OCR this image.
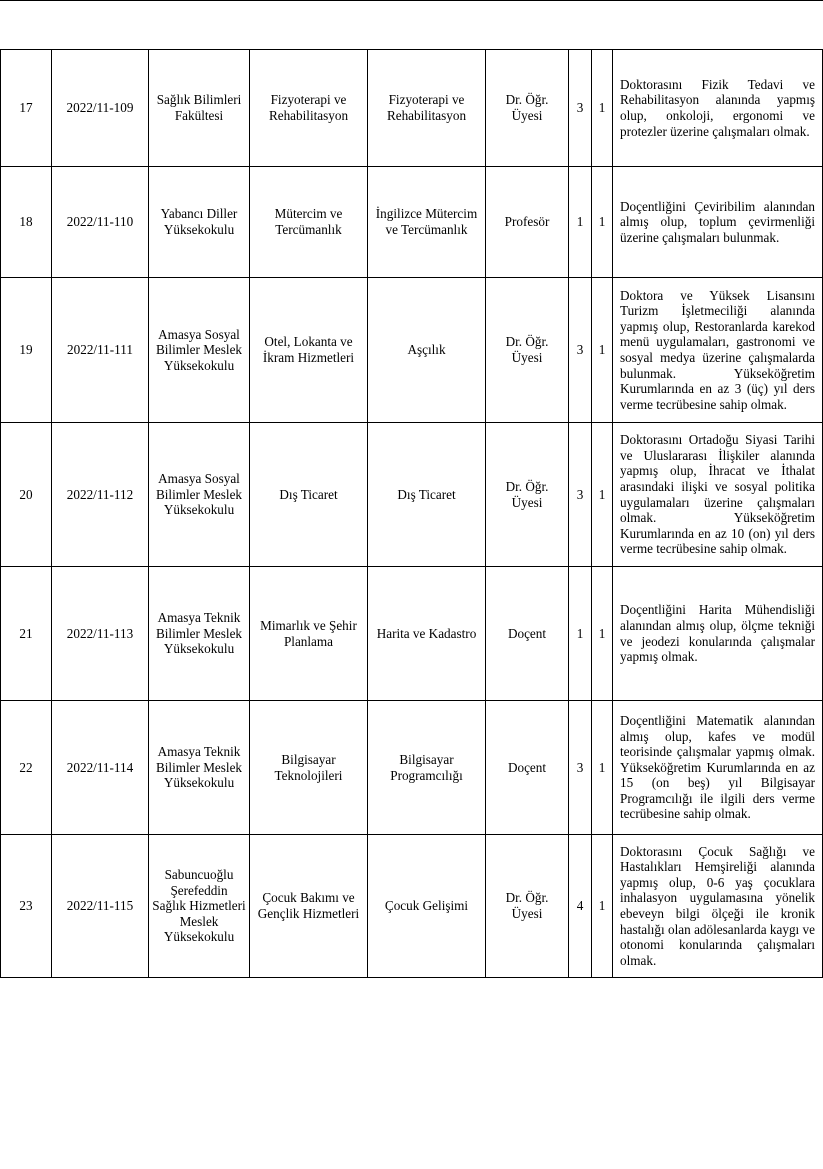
17	2022/11-109	Sağlık Bilimleri Fakültesi	Fizyoterapi ve Rehabilitasyon	Fizyoterapi ve Rehabilitasyon	Dr. Öğr. Üyesi	3	1	Doktorasını Fizik Tedavi ve Rehabilitasyon alanında yapmış olup, onkoloji, ergonomi ve protezler üzerine çalışmaları olmak.
18	2022/11-110	Yabancı Diller Yüksekokulu	Mütercim ve Tercümanlık	İngilizce Mütercim ve Tercümanlık	Profesör	1	1	Doçentliğini Çeviribilim alanından almış olup, toplum çevirmenliği üzerine çalışmaları bulunmak.
19	2022/11-111	Amasya Sosyal Bilimler Meslek Yüksekokulu	Otel, Lokanta ve İkram Hizmetleri	Aşçılık	Dr. Öğr. Üyesi	3	1	Doktora ve Yüksek Lisansını Turizm İşletmeciliği alanında yapmış olup, Restoranlarda karekod menü uygulamaları, gastronomi ve sosyal medya üzerine çalışmalarda bulunmak. Yükseköğretim Kurumlarında en az 3 (üç) yıl ders verme tecrübesine sahip olmak.
20	2022/11-112	Amasya Sosyal Bilimler Meslek Yüksekokulu	Dış Ticaret	Dış Ticaret	Dr. Öğr. Üyesi	3	1	Doktorasını Ortadoğu Siyasi Tarihi ve Uluslararası İlişkiler alanında yapmış olup, İhracat ve İthalat arasındaki ilişki ve sosyal politika uygulamaları üzerine çalışmaları olmak. Yükseköğretim Kurumlarında en az 10 (on) yıl ders verme tecrübesine sahip olmak.
21	2022/11-113	Amasya Teknik Bilimler Meslek Yüksekokulu	Mimarlık ve Şehir Planlama	Harita ve Kadastro	Doçent	1	1	Doçentliğini Harita Mühendisliği alanından almış olup, ölçme tekniği ve jeodezi konularında çalışmalar yapmış olmak.
22	2022/11-114	Amasya Teknik Bilimler Meslek Yüksekokulu	Bilgisayar Teknolojileri	Bilgisayar Programcılığı	Doçent	3	1	Doçentliğini Matematik alanından almış olup, kafes ve modül teorisinde çalışmalar yapmış olmak. Yükseköğretim Kurumlarında en az 15 (on beş) yıl Bilgisayar Programcılığı ile ilgili ders verme tecrübesine sahip olmak.
23	2022/11-115	Sabuncuoğlu Şerefeddin Sağlık Hizmetleri Meslek Yüksekokulu	Çocuk Bakımı ve Gençlik Hizmetleri	Çocuk Gelişimi	Dr. Öğr. Üyesi	4	1	Doktorasını Çocuk Sağlığı ve Hastalıkları Hemşireliği alanında yapmış olup, 0-6 yaş çocuklara inhalasyon uygulamasına yönelik ebeveyn bilgi ölçeği ile kronik hastalığı olan adölesanlarda kaygı ve otonomi konularında çalışmaları olmak.
